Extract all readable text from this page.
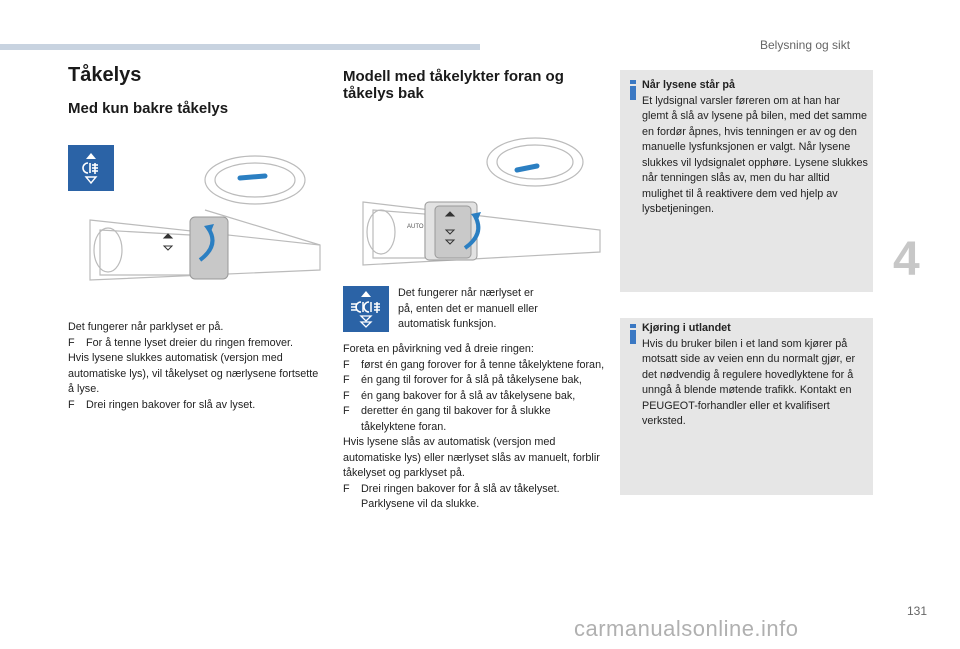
Belysning og sikt
Tåkelys
Med kun bakre tåkelys
Det fungerer når parklyset er på.
F For å tenne lyset dreier du ringen fremover.
Hvis lysene slukkes automatisk (versjon med automatiske lys), vil tåkelyset og nærlysene fortsette å lyse.
F Drei ringen bakover for slå av lyset.
Modell med tåkelykter foran og
tåkelys bak
AUTO
Det fungerer når nærlyset er
på, enten det er manuell eller
automatisk funksjon.
Foreta en påvirkning ved å dreie ringen:
F først én gang forover for å tenne tåkelyktene foran,
F én gang til forover for å slå på tåkelysene bak,
F én gang bakover for å slå av tåkelysene bak,
F deretter én gang til bakover for å slukke tåkelyktene foran.
Hvis lysene slås av automatisk (versjon med automatiske lys) eller nærlyset slås av manuelt, forblir tåkelyset og parklyset på.
F Drei ringen bakover for å slå av tåkelyset. Parklysene vil da slukke.
Når lysene står på
Et lydsignal varsler føreren om at han har glemt å slå av lysene på bilen, med det samme en fordør åpnes, hvis tenningen er av og den manuelle lysfunksjonen er valgt. Når lysene slukkes vil lydsignalet opphøre. Lysene slukkes når tenningen slås av, men du har alltid mulighet til å reaktivere dem ved hjelp av lysbetjeningen.
Kjøring i utlandet
Hvis du bruker bilen i et land som kjører på motsatt side av veien enn du normalt gjør, er det nødvendig å regulere hovedlyktene for å unngå å blende møtende trafikk. Kontakt en PEUGEOT-forhandler eller et kvalifisert verksted.
4
131
carmanualsonline.info
